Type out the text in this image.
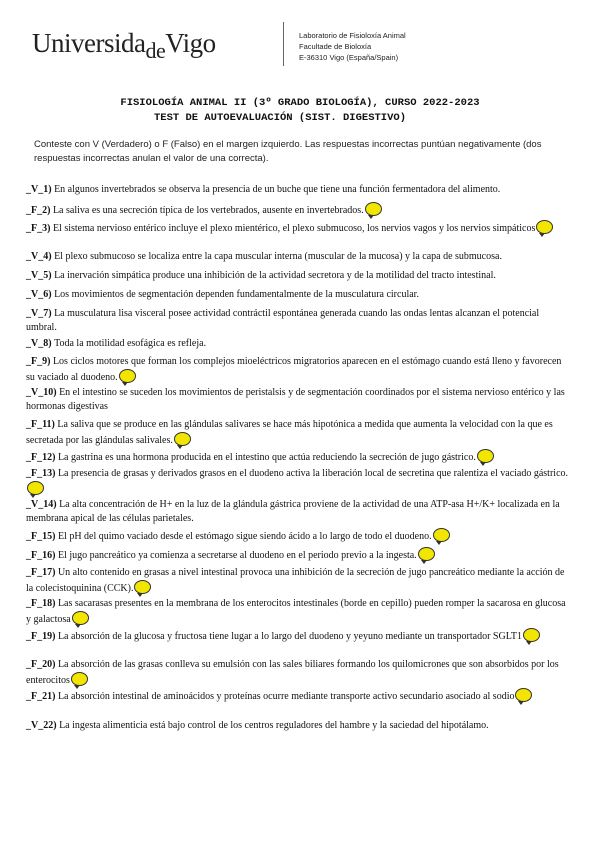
Universida$_{de}$Vigo	Laboratorio de Fisioloxía Animal
Facultade de Bioloxía
E-36310 Vigo (España/Spain)
FISIOLOGÍA ANIMAL II (3º GRADO BIOLOGÍA), CURSO 2022-2023
TEST DE AUTOEVALUACIÓN (SIST. DIGESTIVO)
Conteste con V (Verdadero) o F (Falso) en el margen izquierdo. Las respuestas incorrectas puntúan negativamente (dos respuestas incorrectas anulan el valor de una correcta).
_V_1) En algunos invertebrados se observa la presencia de un buche que tiene una función fermentadora del alimento.
_F_2) La saliva es una secreción típica de los vertebrados, ausente en invertebrados.
_F_3) El sistema nervioso entérico incluye el plexo mientérico, el plexo submucoso, los nervios vagos y los nervios simpáticos
_V_4) El plexo submucoso se localiza entre la capa muscular interna (muscular de la mucosa) y la capa de submucosa.
_V_5) La inervación simpática produce una inhibición de la actividad secretora y de la motilidad del tracto intestinal.
_V_6) Los movimientos de segmentación dependen fundamentalmente de la musculatura circular.
_V_7) La musculatura lisa visceral posee actividad contráctil espontánea generada cuando las ondas lentas alcanzan el potencial umbral.
_V_8) Toda la motilidad esofágica es refleja.
_F_9) Los ciclos motores que forman los complejos mioeléctricos migratorios aparecen en el estómago cuando está lleno y favorecen su vaciado al duodeno.
_V_10) En el intestino se suceden los movimientos de peristalsis y de segmentación coordinados por el sistema nervioso entérico y las hormonas digestivas
_F_11) La saliva que se produce en las glándulas salivares se hace más hipotónica a medida que aumenta la velocidad con la que es secretada por las glándulas salivales.
_F_12) La gastrina es una hormona producida en el intestino que actúa reduciendo la secreción de jugo gástrico.
_F_13) La presencia de grasas y derivados grasos en el duodeno activa la liberación local de secretina que ralentiza el vaciado gástrico.
_V_14) La alta concentración de H+ en la luz de la glándula gástrica proviene de la actividad de una ATP-asa H+/K+ localizada en la membrana apical de las células parietales.
_F_15) El pH del quimo vaciado desde el estómago sigue siendo ácido a lo largo de todo el duodeno.
_F_16) El jugo pancreático ya comienza a secretarse al duodeno en el periodo previo a la ingesta.
_F_17) Un alto contenido en grasas a nivel intestinal provoca una inhibición de la secreción de jugo pancreático mediante la acción de la colecistoquinina (CCK).
_F_18) Las sacarasas presentes en la membrana de los enterocitos intestinales (borde en cepillo) pueden romper la sacarosa en glucosa y galactosa
_F_19) La absorción de la glucosa y fructosa tiene lugar a lo largo del duodeno y yeyuno mediante un transportador SGLT1
_F_20) La absorción de las grasas conlleva su emulsión con las sales biliares formando los quilomicrones que son absorbidos por los enterocitos
_F_21) La absorción intestinal de aminoácidos y proteínas ocurre mediante transporte activo secundario asociado al sodio
_V_22) La ingesta alimenticia está bajo control de los centros reguladores del hambre y la saciedad del hipotálamo.
